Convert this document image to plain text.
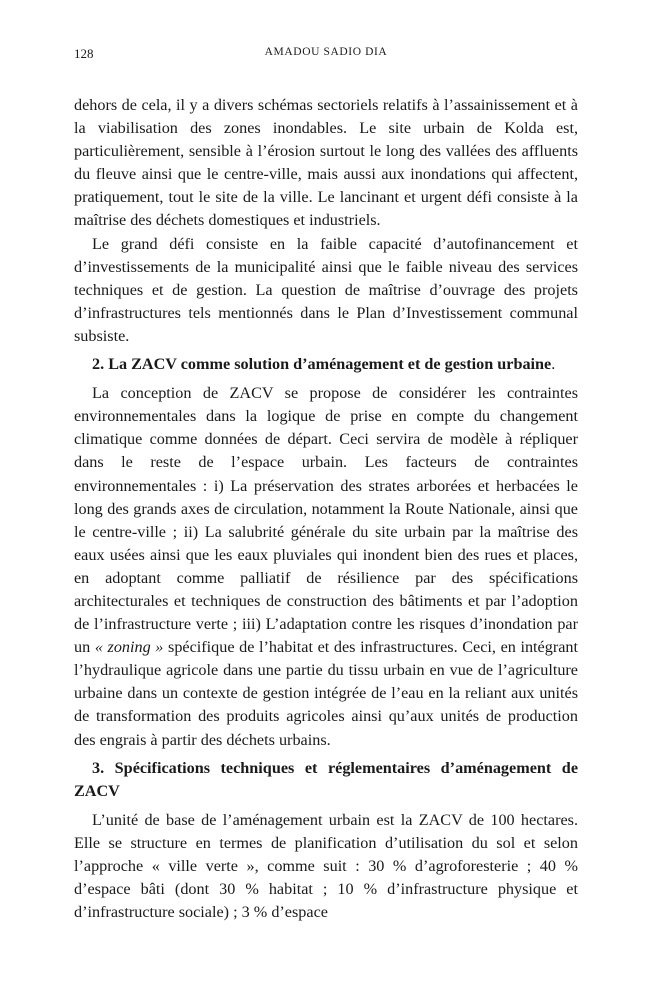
128	AMADOU SADIO DIA

dehors de cela, il y a divers schémas sectoriels relatifs à l’assainissement et à la viabilisation des zones inondables. Le site urbain de Kolda est, particulièrement, sensible à l’érosion surtout le long des vallées des affluents du fleuve ainsi que le centre-ville, mais aussi aux inondations qui affectent, pratiquement, tout le site de la ville. Le lancinant et urgent défi consiste à la maîtrise des déchets domestiques et industriels.

Le grand défi consiste en la faible capacité d’autofinancement et d’investissements de la municipalité ainsi que le faible niveau des services techniques et de gestion. La question de maîtrise d’ouvrage des projets d’infrastructures tels mentionnés dans le Plan d’Investissement communal subsiste.

2. La ZACV comme solution d’aménagement et de gestion urbaine.

La conception de ZACV se propose de considérer les contraintes environnementales dans la logique de prise en compte du changement climatique comme données de départ. Ceci servira de modèle à répliquer dans le reste de l’espace urbain. Les facteurs de contraintes environnementales : i) La préservation des strates arborées et herbacées le long des grands axes de circulation, notamment la Route Nationale, ainsi que le centre-ville ; ii) La salubrité générale du site urbain par la maîtrise des eaux usées ainsi que les eaux pluviales qui inondent bien des rues et places, en adoptant comme palliatif de résilience par des spécifications architecturales et techniques de construction des bâtiments et par l’adoption de l’infrastructure verte ; iii) L’adaptation contre les risques d’inondation par un « zoning » spécifique de l’habitat et des infrastructures. Ceci, en intégrant l’hydraulique agricole dans une partie du tissu urbain en vue de l’agriculture urbaine dans un contexte de gestion intégrée de l’eau en la reliant aux unités de transformation des produits agricoles ainsi qu’aux unités de production des engrais à partir des déchets urbains.

3. Spécifications techniques et réglementaires d’aménagement de ZACV

L’unité de base de l’aménagement urbain est la ZACV de 100 hectares. Elle se structure en termes de planification d’utilisation du sol et selon l’approche « ville verte », comme suit : 30 % d’agroforesterie ; 40 % d’espace bâti (dont 30 % habitat ; 10 % d’infrastructure physique et d’infrastructure sociale) ; 3 % d’espace
